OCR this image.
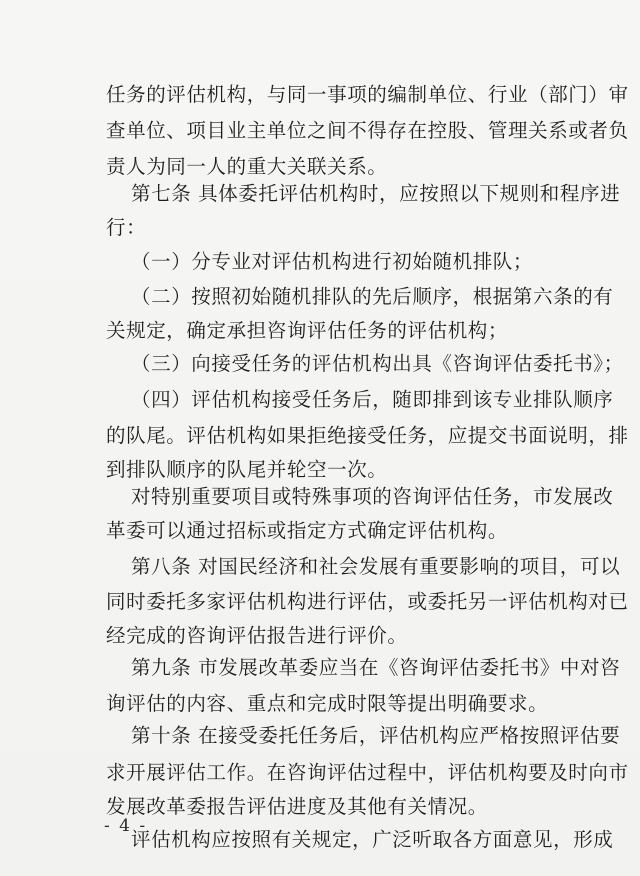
任务的评估机构，与同一事项的编制单位、行业（部门）审
查单位、项目业主单位之间不得存在控股、管理关系或者负
责人为同一人的重大关联关系。
第七条 具体委托评估机构时，应按照以下规则和程序进
行：
（一）分专业对评估机构进行初始随机排队；
（二）按照初始随机排队的先后顺序，根据第六条的有
关规定，确定承担咨询评估任务的评估机构；
（三）向接受任务的评估机构出具《咨询评估委托书》；
（四）评估机构接受任务后，随即排到该专业排队顺序
的队尾。评估机构如果拒绝接受任务，应提交书面说明，排
到排队顺序的队尾并轮空一次。
对特别重要项目或特殊事项的咨询评估任务，市发展改
革委可以通过招标或指定方式确定评估机构。
第八条 对国民经济和社会发展有重要影响的项目，可以
同时委托多家评估机构进行评估，或委托另一评估机构对已
经完成的咨询评估报告进行评价。
第九条 市发展改革委应当在《咨询评估委托书》中对咨
询评估的内容、重点和完成时限等提出明确要求。
第十条 在接受委托任务后，评估机构应严格按照评估要
求开展评估工作。在咨询评估过程中，评估机构要及时向市
发展改革委报告评估进度及其他有关情况。
评估机构应按照有关规定，广泛听取各方面意见，形成
- 4 -
